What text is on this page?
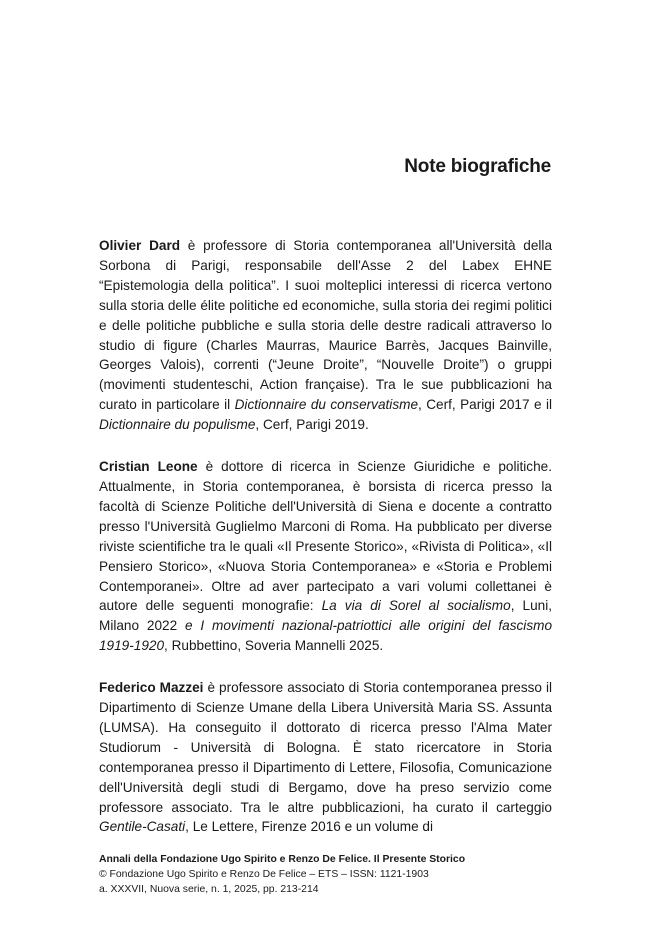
Note biografiche

Olivier Dard è professore di Storia contemporanea all'Università della Sorbona di Parigi, responsabile dell'Asse 2 del Labex EHNE “Epistemologia della politica”. I suoi molteplici interessi di ricerca vertono sulla storia delle élite politiche ed economiche, sulla storia dei regimi politici e delle politiche pubbliche e sulla storia delle destre radicali attraverso lo studio di figure (Charles Maurras, Maurice Barrès, Jacques Bainville, Georges Valois), correnti (“Jeune Droite”, “Nouvelle Droite”) o gruppi (movimenti studenteschi, Action française). Tra le sue pubblicazioni ha curato in particolare il Dictionnaire du conservatisme, Cerf, Parigi 2017 e il Dictionnaire du populisme, Cerf, Parigi 2019.

Cristian Leone è dottore di ricerca in Scienze Giuridiche e politiche. Attualmente, in Storia contemporanea, è borsista di ricerca presso la facoltà di Scienze Politiche dell'Università di Siena e docente a contratto presso l'Università Guglielmo Marconi di Roma. Ha pubblicato per diverse riviste scientifiche tra le quali «Il Presente Storico», «Rivista di Politica», «Il Pensiero Storico», «Nuova Storia Contemporanea» e «Storia e Problemi Contemporanei». Oltre ad aver partecipato a vari volumi collettanei è autore delle seguenti monografie: La via di Sorel al socialismo, Luni, Milano 2022 e I movimenti nazional-patriottici alle origini del fascismo 1919-1920, Rubbettino, Soveria Mannelli 2025.

Federico Mazzei è professore associato di Storia contemporanea presso il Dipartimento di Scienze Umane della Libera Università Maria SS. Assunta (LUMSA). Ha conseguito il dottorato di ricerca presso l'Alma Mater Studiorum - Università di Bologna. È stato ricercatore in Storia contemporanea presso il Dipartimento di Lettere, Filosofia, Comunicazione dell'Università degli studi di Bergamo, dove ha preso servizio come professore associato. Tra le altre pubblicazioni, ha curato il carteggio Gentile-Casati, Le Lettere, Firenze 2016 e un volume di

Annali della Fondazione Ugo Spirito e Renzo De Felice. Il Presente Storico
© Fondazione Ugo Spirito e Renzo De Felice – ETS – ISSN: 1121-1903
a. XXXVII, Nuova serie, n. 1, 2025, pp. 213-214
